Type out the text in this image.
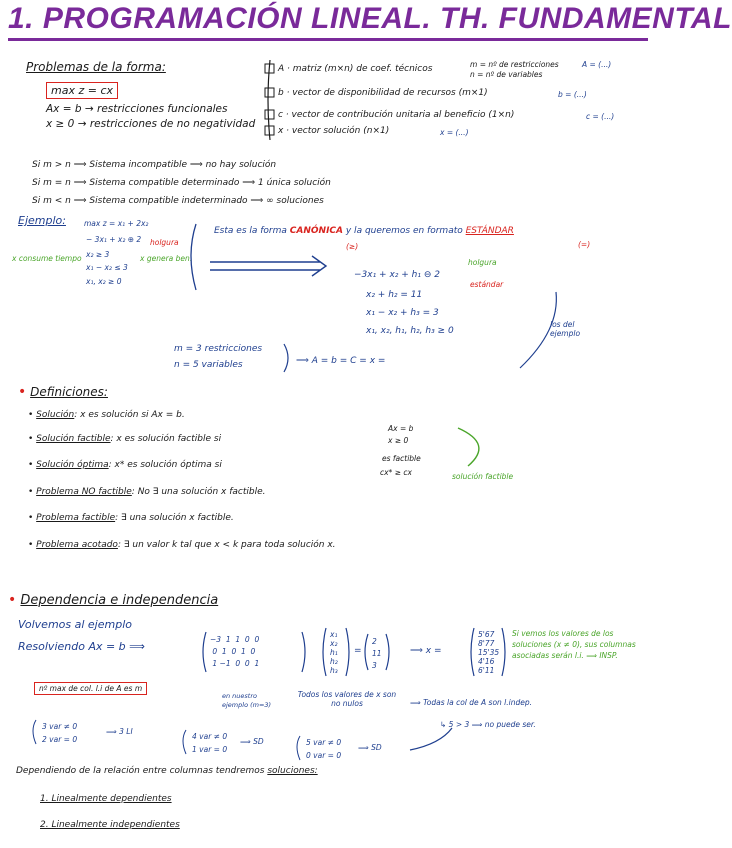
1. PROGRAMACIÓN LINEAL. TH. FUNDAMENTAL
Problemas de la forma:
max z = cx
Ax = b → restricciones funcionales
x ≥ 0 → restricciones de no negatividad
A · matriz (m×n) de coef. técnicos	m = nº de restricciones
n = nº de variables
b · vector de disponibilidad de recursos (m×1)
c · vector de contribución unitaria al beneficio (1×n)
x · vector solución (n×1)
A = (...)
b = (...)
c = (...)
x = (...)
Si m > n ⟹ Sistema incompatible ⟹ no hay solución
Si m = n ⟹ Sistema compatible determinado ⟹ 1 única solución
Si m < n ⟹ Sistema compatible indeterminado ⟹ ∞ soluciones
Ejemplo: max z = x₁ + 2x₂
− 3x₁ + x₂ ⊕ 2
x₂ ≥ 3
x₁ − x₂ ≤ 3
x₁, x₂ ≥ 0
x consume tiempo
holgura
x genera ben.
Esta es la forma CANÓNICA y la queremos en formato ESTÁNDAR
(≥)	(=)
−3x₁ + x₂ + h₁ ⊖ 2
x₂ + h₂ = 11
x₁ − x₂ + h₃ = 3
x₁, x₂, h₁, h₂, h₃ ≥ 0
holgura
estándar
los del ejemplo
m = 3 restricciones
n = 5 variables	⟹ A = b = C = x =
• Definiciones:
• Solución: x es solución si Ax = b.
• Solución factible: x es solución factible si
Ax = b
x ≥ 0
• Solución óptima: x* es solución óptima si
es factible
cx* ≥ cx	solución factible
• Problema NO factible: No ∃ una solución x factible.
• Problema factible: ∃ una solución x factible.
• Problema acotado: ∃ un valor k tal que x < k para toda solución x.
• Dependencia e independencia
Volvemos al ejemplo
Resolviendo Ax = b ⟹
−3  1  1  0  0
0  1  0  1  0
1 −1  0  0  1
x₁
x₂
h₁
h₂
h₃
=
2
11
3
⟹ x =
5'67
8'77
15'35
4'16
6'11
Si vemos los valores de los soluciones (x ≠ 0), sus columnas asociadas serán l.i. ⟹ INSP.
nº max de col. l.i de A es m
en nuestro ejemplo (m=3)
Todos los valores de x son no nulos	⟹ Todas la col de A son l.indep.
↳ 5 > 3 ⟹ no puede ser.
3 var ≠ 0
2 var = 0
⟹ 3 LI
4 var ≠ 0
1 var = 0
⟹ SD	5 var ≠ 0
0 var = 0
⟹ SD
Dependiendo de la relación entre columnas tendremos soluciones:
1. Linealmente dependientes
2. Linealmente independientes
